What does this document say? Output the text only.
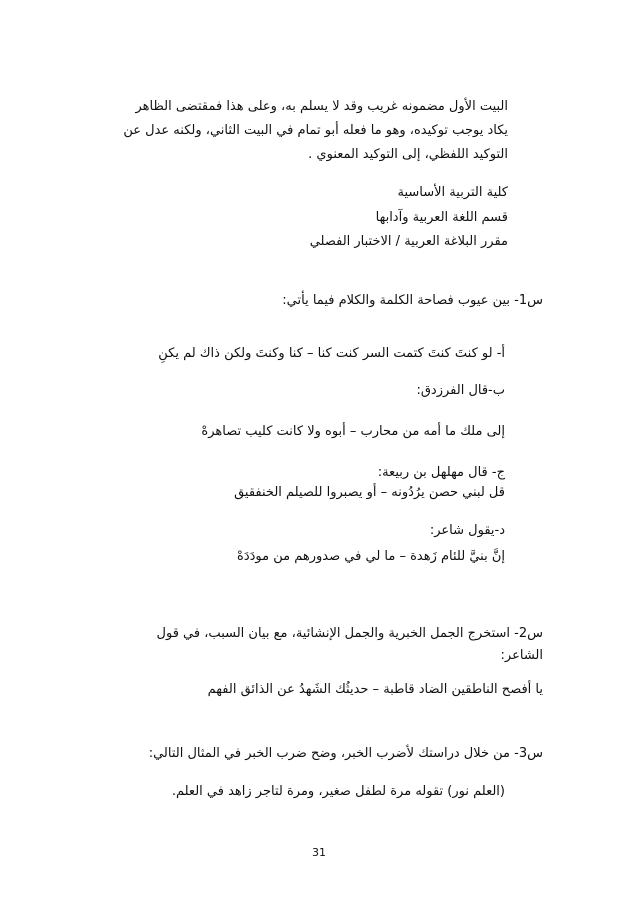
البيت الأول مضمونه غريب وقد لا يسلم به، وعلى هذا فمقتضى الظاهر
يكاد يوجب توكيده، وهو ما فعله أبو تمام في البيت الثاني، ولكنه عدل عن
التوكيد اللفظي، إلى التوكيد المعنوي .
كلية التربية الأساسية
قسم اللغة العربية وآدابها
مقرر البلاغة العربية / الاختبار الفصلي
س1- بين عيوب فصاحة الكلمة والكلام فيما يأتي:
أ- لو كنتَ كنتَ كتمت السر كنت كنا – كنا وكنتَ ولكن ذاك لم يكنِ
ب-قال الفرزدق:
إلى ملك ما أمه من محارب – أبوه ولا كانت كليب تصاهرهْ
ج- قال مهلهل بن ربيعة:
قل لبني حصن يرُدُونه – أو يصبروا للصيلم الخنفقيق
د-يقول شاعر:
إنَّ بنيَّ للئام زَهدة – ما لي في صدورهم من مودَدَهْ
س2- استخرج الجمل الخبرية والجمل الإنشائية، مع بيان السبب، في قول
الشاعر:
يا أفصح الناطقين الضاد قاطبة – حديثُك الشَهدُ عن الذائق الفهم
س3- من خلال دراستك لأضرب الخبر، وضح ضرب الخبر في المثال التالي:
(العلم نور) تقوله مرة لطفل صغير، ومرة لتاجر زاهد في العلم.
31
